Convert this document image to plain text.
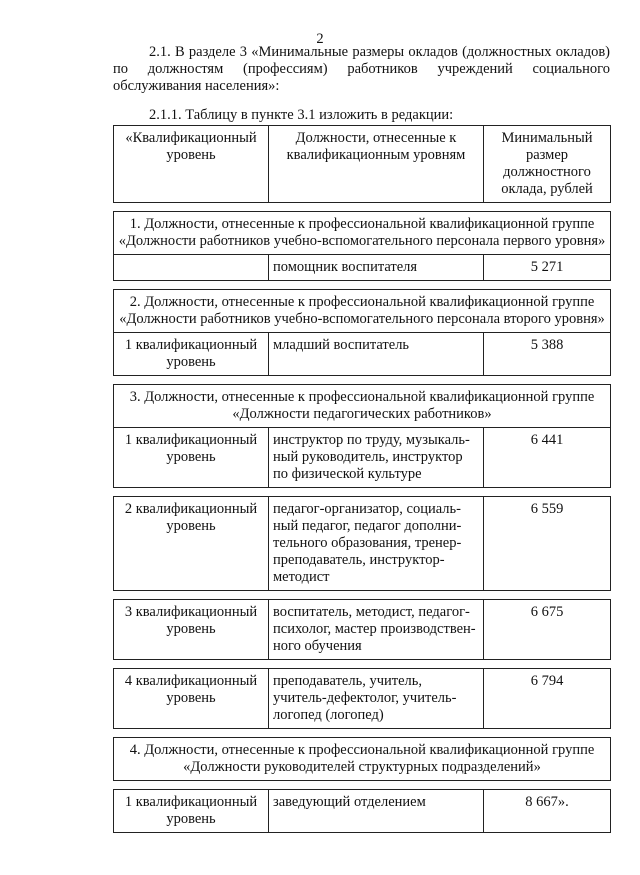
2

2.1. В разделе 3 «Минимальные размеры окладов (должностных окладов) по должностям (профессиям) работников учреждений социального обслуживания населения»:

2.1.1. Таблицу в пункте 3.1 изложить в редакции:
«Квалификационный уровень	Должности, отнесенные к квалификационным уровням	Минимальный размер должностного оклада, рублей

1. Должности, отнесенные к профессиональной квалификационной группе «Должности работников учебно-вспомогательного персонала первого уровня»		
	помощник воспитателя	5 271

2. Должности, отнесенные к профессиональной квалификационной группе «Должности работников учебно-вспомогательного персонала второго уровня»		
1 квалификационный уровень	младший воспитатель	5 388

3. Должности, отнесенные к профессиональной квалификационной группе «Должности педагогических работников»		
1 квалификационный уровень	инструктор по труду, музыкаль-ный руководитель, инструктор по физической культуре	6 441

2 квалификационный уровень	педагог-организатор, социаль-ный педагог, педагог дополни-тельного образования, тренер-преподаватель, инструктор-методист	6 559

3 квалификационный уровень	воспитатель, методист, педагог-психолог, мастер производствен-ного обучения	6 675

4 квалификационный уровень	преподаватель, учитель, учитель-дефектолог, учитель-логопед (логопед)	6 794

4. Должности, отнесенные к профессиональной квалификационной группе «Должности руководителей структурных подразделений»		

1 квалификационный уровень	заведующий отделением	8 667».
